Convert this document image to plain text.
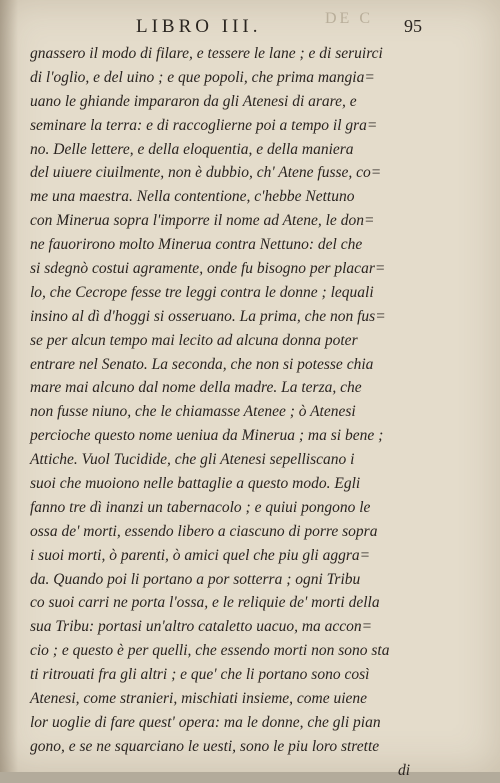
LIBRO III.	DE C 95
gnassero il modo di filare, e tessere le lane ; e di seruirci
di l'oglio, e del uino ; e que popoli, che prima mangia=
uano le ghiande impararon da gli Atenesi di arare, e
seminare la terra: e di raccoglierne poi a tempo il gra=
no. Delle lettere, e della eloquentia, e della maniera
del uiuere ciuilmente, non è dubbio, ch' Atene fusse, co=
me una maestra. Nella contentione, c'hebbe Nettuno
con Minerua sopra l'imporre il nome ad Atene, le don=
ne fauorirono molto Minerua contra Nettuno: del che
si sdegnò costui agramente, onde fu bisogno per placar=
lo, che Cecrope fesse tre leggi contra le donne ; lequali
insino al dì d'hoggi si osseruano. La prima, che non fus=
se per alcun tempo mai lecito ad alcuna donna poter
entrare nel Senato. La seconda, che non si potesse chia
mare mai alcuno dal nome della madre. La terza, che
non fusse niuno, che le chiamasse Atenee ; ò Atenesi
percioche questo nome ueniua da Minerua ; ma si bene ;
Attiche. Vuol Tucidide, che gli Atenesi sepelliscano i
suoi che muoiono nelle battaglie a questo modo. Egli
fanno tre dì inanzi un tabernacolo ; e quiui pongono le
ossa de' morti, essendo libero a ciascuno di porre sopra
i suoi morti, ò parenti, ò amici quel che piu gli aggra=
da. Quando poi li portano a por sotterra ; ogni Tribu
co suoi carri ne porta l'ossa, e le reliquie de' morti della
sua Tribu: portasi un'altro cataletto uacuo, ma accon=
cio ; e questo è per quelli, che essendo morti non sono sta
ti ritrouati fra gli altri ; e que' che li portano sono così
Atenesi, come stranieri, mischiati insieme, come uiene
lor uoglie di fare quest' opera: ma le donne, che gli pian
gono, e se ne squarciano le uesti, sono le piu loro strette
di
